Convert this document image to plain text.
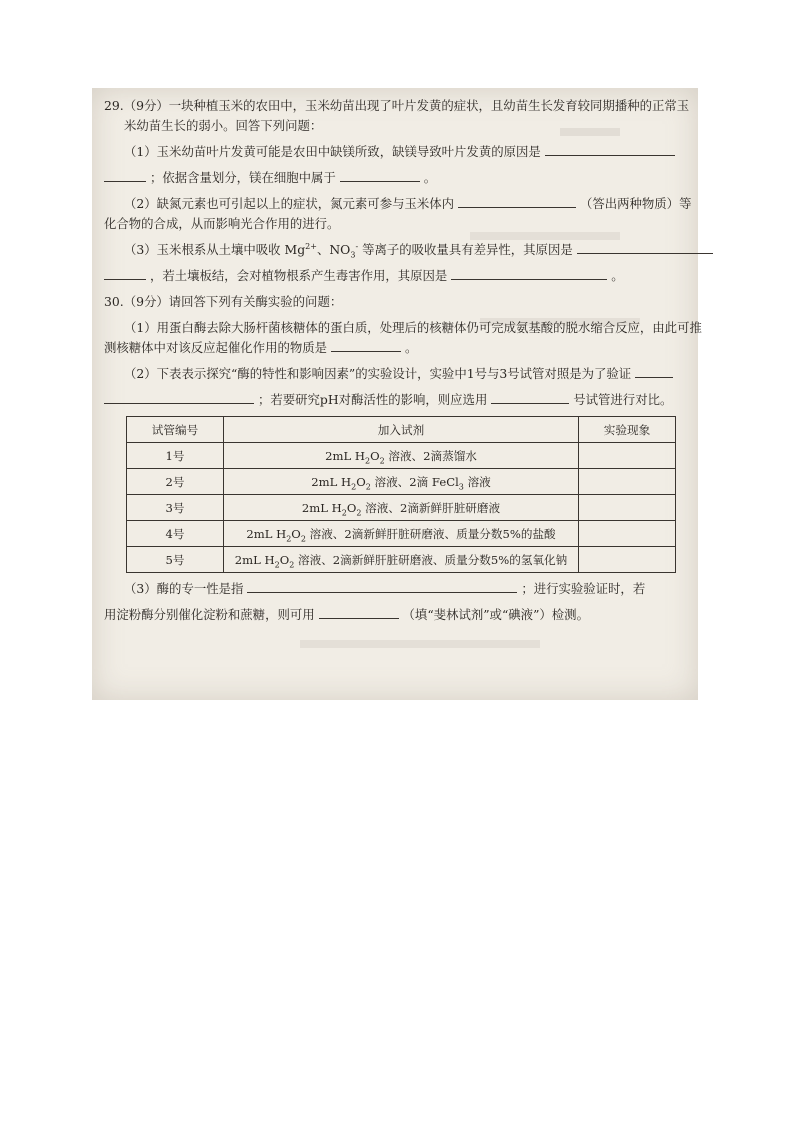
29.（9分）一块种植玉米的农田中，玉米幼苗出现了叶片发黄的症状，且幼苗生长发育较同期播种的正常玉
米幼苗生长的弱小。回答下列问题：
（1）玉米幼苗叶片发黄可能是农田中缺镁所致，缺镁导致叶片发黄的原因是
；依据含量划分，镁在细胞中属于	。
（2）缺氮元素也可引起以上的症状，氮元素可参与玉米体内	（答出两种物质）等
化合物的合成，从而影响光合作用的进行。
（3）玉米根系从土壤中吸收 $Mg^{2+}$、$NO_3^-$ 等离子的吸收量具有差异性，其原因是
，若土壤板结，会对植物根系产生毒害作用，其原因是	。
30.（9分）请回答下列有关酶实验的问题：
（1）用蛋白酶去除大肠杆菌核糖体的蛋白质，处理后的核糖体仍可完成氨基酸的脱水缩合反应，由此可推
测核糖体中对该反应起催化作用的物质是	。
（2）下表表示探究“酶的特性和影响因素”的实验设计，实验中1号与3号试管对照是为了验证
；若要研究pH对酶活性的影响，则应选用	号试管进行对比。
试管编号	加入试剂	实验现象
1号	2mL $H_2O_2$ 溶液、2滴蒸馏水	
2号	2mL $H_2O_2$ 溶液、2滴 FeCl$_3$ 溶液	
3号	2mL $H_2O_2$ 溶液、2滴新鲜肝脏研磨液	
4号	2mL $H_2O_2$ 溶液、2滴新鲜肝脏研磨液、质量分数5%的盐酸	
5号	2mL $H_2O_2$ 溶液、2滴新鲜肝脏研磨液、质量分数5%的氢氧化钠	
（3）酶的专一性是指	；进行实验验证时，若
用淀粉酶分别催化淀粉和蔗糖，则可用	（填“斐林试剂”或“碘液”）检测。
